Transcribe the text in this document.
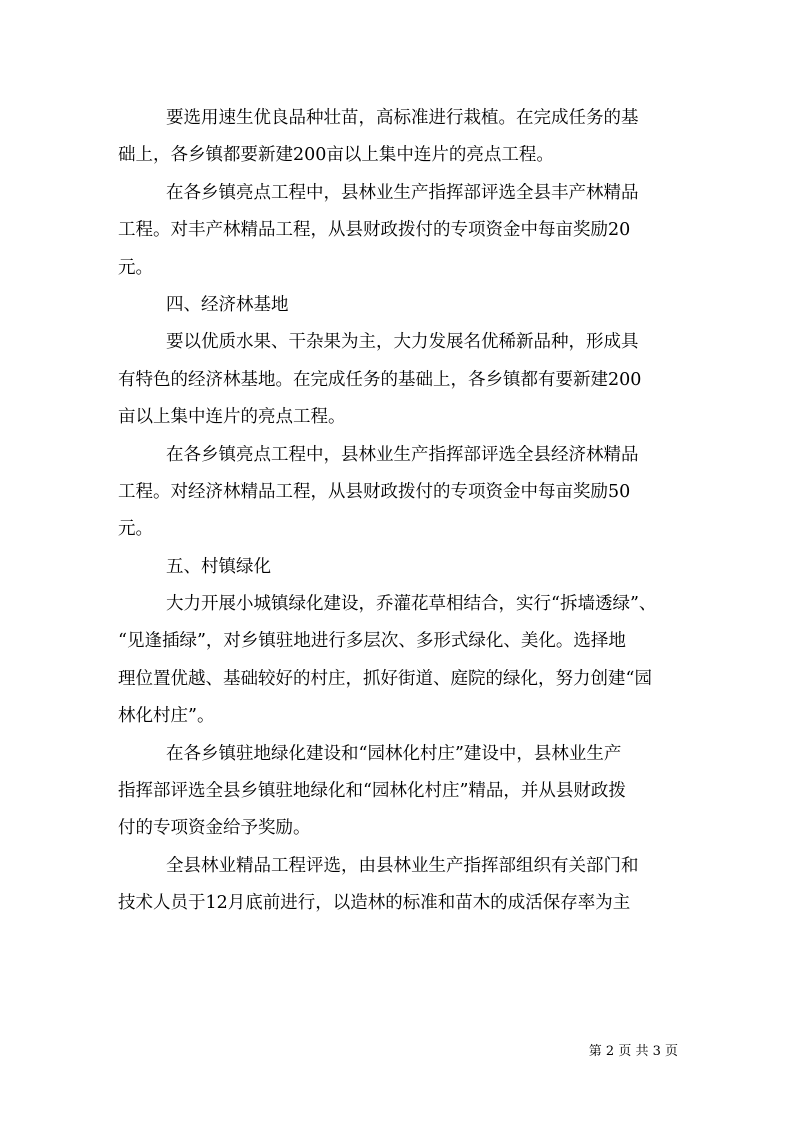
要选用速生优良品种壮苗，高标准进行栽植。在完成任务的基
础上，各乡镇都要新建200亩以上集中连片的亮点工程。
在各乡镇亮点工程中，县林业生产指挥部评选全县丰产林精品
工程。对丰产林精品工程，从县财政拨付的专项资金中每亩奖励20
元。
四、经济林基地
要以优质水果、干杂果为主，大力发展名优稀新品种，形成具
有特色的经济林基地。在完成任务的基础上，各乡镇都有要新建200
亩以上集中连片的亮点工程。
在各乡镇亮点工程中，县林业生产指挥部评选全县经济林精品
工程。对经济林精品工程，从县财政拨付的专项资金中每亩奖励50
元。
五、村镇绿化
大力开展小城镇绿化建设，乔灌花草相结合，实行“拆墙透绿”、
“见逢插绿”，对乡镇驻地进行多层次、多形式绿化、美化。选择地
理位置优越、基础较好的村庄，抓好街道、庭院的绿化，努力创建“园
林化村庄”。
在各乡镇驻地绿化建设和“园林化村庄”建设中，县林业生产
指挥部评选全县乡镇驻地绿化和“园林化村庄”精品，并从县财政拨
付的专项资金给予奖励。
全县林业精品工程评选，由县林业生产指挥部组织有关部门和
技术人员于12月底前进行，以造林的标准和苗木的成活保存率为主
第 2 页 共 3 页
